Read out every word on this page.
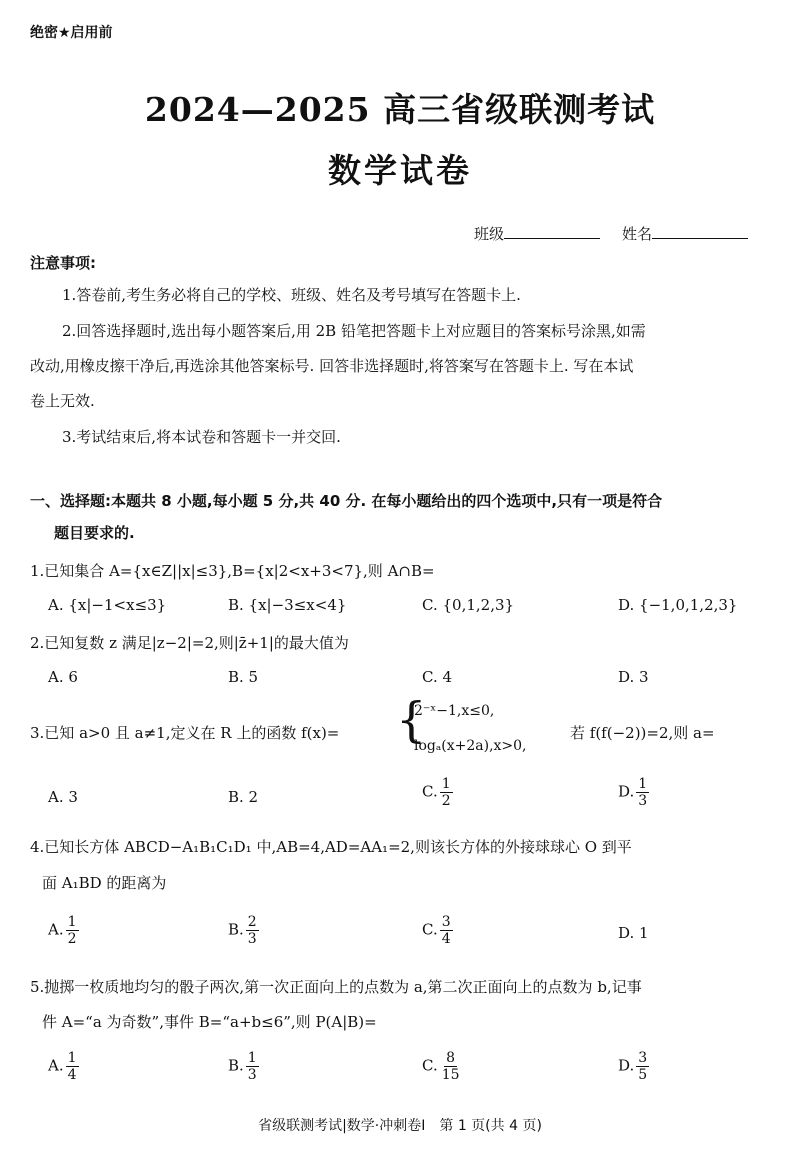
绝密★启用前
2024—2025 高三省级联测考试
数学试卷
班级	姓名
注意事项:
1.答卷前,考生务必将自己的学校、班级、姓名及考号填写在答题卡上.
2.回答选择题时,选出每小题答案后,用 2B 铅笔把答题卡上对应题目的答案标号涂黑,如需
改动,用橡皮擦干净后,再选涂其他答案标号. 回答非选择题时,将答案写在答题卡上. 写在本试
卷上无效.
3.考试结束后,将本试卷和答题卡一并交回.
一、选择题:本题共 8 小题,每小题 5 分,共 40 分. 在每小题给出的四个选项中,只有一项是符合
题目要求的.
1.已知集合 A={x∈Z||x|≤3},B={x|2<x+3<7},则 A∩B=
A. {x|−1<x≤3}	B. {x|−3≤x<4}	C. {0,1,2,3}	D. {−1,0,1,2,3}
2.已知复数 z 满足|z−2|=2,则|z̄+1|的最大值为
A. 6	B. 5	C. 4	D. 3
3.已知 a>0 且 a≠1,定义在 R 上的函数 f(x)= {
2⁻ˣ−1,x≤0,
logₐ(x+2a),x>0,
若 f(f(−2))=2,则 a=
A. 3	B. 2	C. $\frac{1}{2}$	D. $\frac{1}{3}$
4.已知长方体 ABCD−A₁B₁C₁D₁ 中,AB=4,AD=AA₁=2,则该长方体的外接球球心 O 到平
面 A₁BD 的距离为
A. $\frac{1}{2}$	B. $\frac{2}{3}$	C. $\frac{3}{4}$	D. 1
5.抛掷一枚质地均匀的骰子两次,第一次正面向上的点数为 a,第二次正面向上的点数为 b,记事
件 A=“a 为奇数”,事件 B=“a+b≤6”,则 P(A|B)=
A. $\frac{1}{4}$	B. $\frac{1}{3}$	C. $\frac{8}{15}$	D. $\frac{3}{5}$
省级联测考试|数学·冲刺卷Ⅰ　第 1 页(共 4 页)
